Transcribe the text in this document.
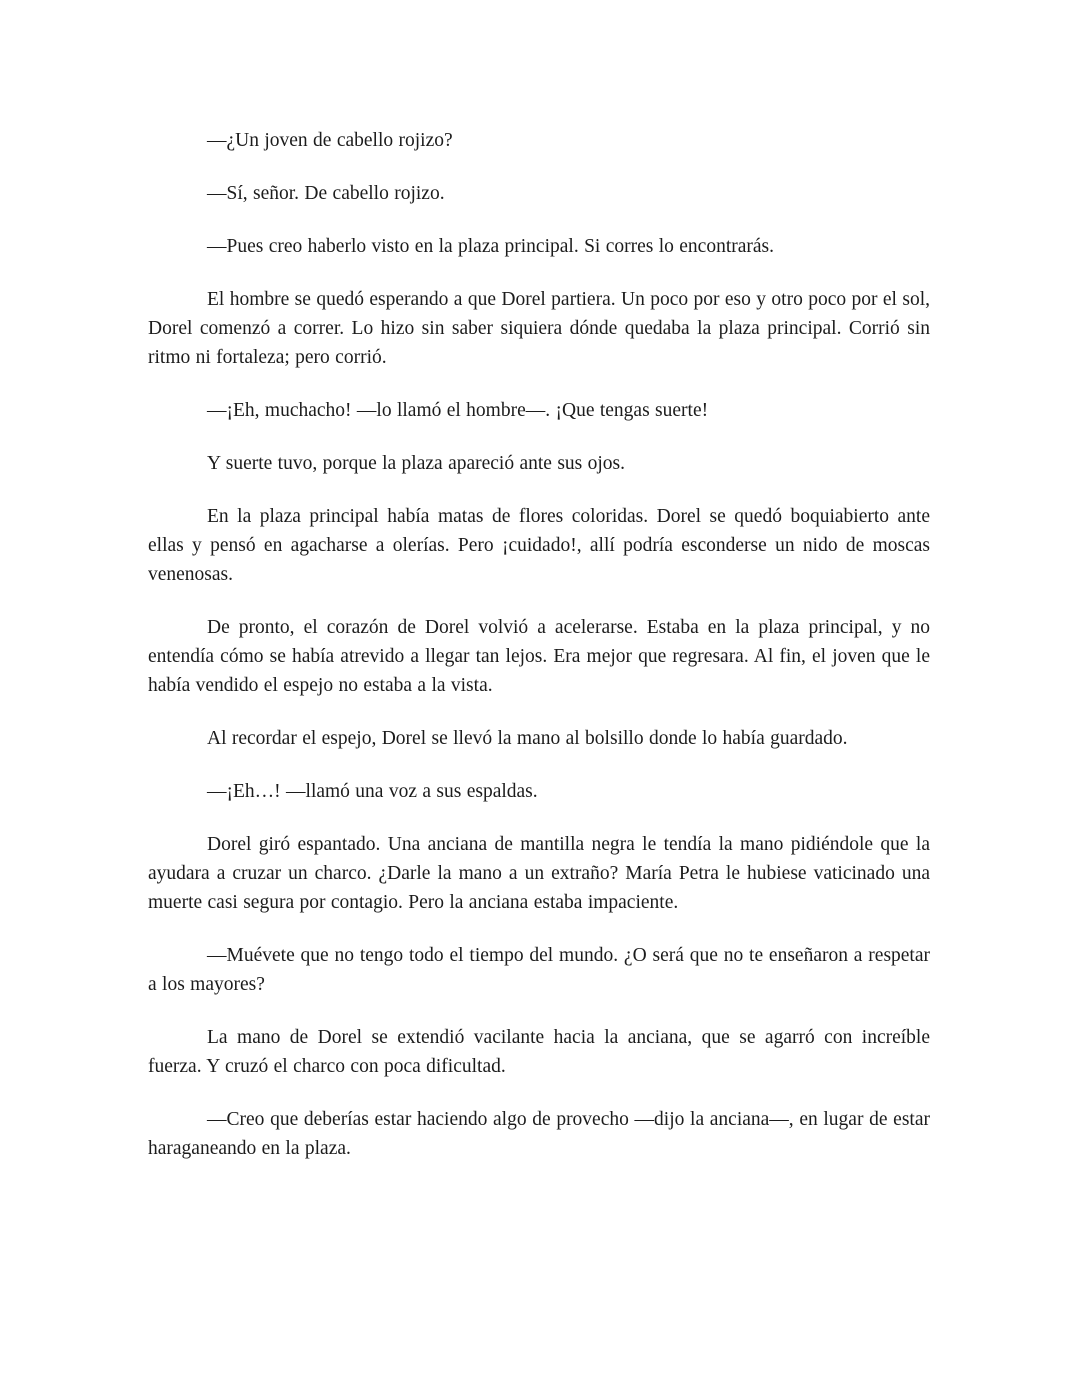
—¿Un joven de cabello rojizo?

—Sí, señor. De cabello rojizo.

—Pues creo haberlo visto en la plaza principal. Si corres lo encontrarás.

El hombre se quedó esperando a que Dorel partiera. Un poco por eso y otro poco por el sol, Dorel comenzó a correr. Lo hizo sin saber siquiera dónde quedaba la plaza principal. Corrió sin ritmo ni fortaleza; pero corrió.

—¡Eh, muchacho! —lo llamó el hombre—. ¡Que tengas suerte!

Y suerte tuvo, porque la plaza apareció ante sus ojos.

En la plaza principal había matas de flores coloridas. Dorel se quedó boquiabierto ante ellas y pensó en agacharse a olerías. Pero ¡cuidado!, allí podría esconderse un nido de moscas venenosas.

De pronto, el corazón de Dorel volvió a acelerarse. Estaba en la plaza principal, y no entendía cómo se había atrevido a llegar tan lejos. Era mejor que regresara. Al fin, el joven que le había vendido el espejo no estaba a la vista.

Al recordar el espejo, Dorel se llevó la mano al bolsillo donde lo había guardado.

—¡Eh…! —llamó una voz a sus espaldas.

Dorel giró espantado. Una anciana de mantilla negra le tendía la mano pidiéndole que la ayudara a cruzar un charco. ¿Darle la mano a un extraño? María Petra le hubiese vaticinado una muerte casi segura por contagio. Pero la anciana estaba impaciente.

—Muévete que no tengo todo el tiempo del mundo. ¿O será que no te enseñaron a respetar a los mayores?

La mano de Dorel se extendió vacilante hacia la anciana, que se agarró con increíble fuerza. Y cruzó el charco con poca dificultad.

—Creo que deberías estar haciendo algo de provecho —dijo la anciana—, en lugar de estar haraganeando en la plaza.
